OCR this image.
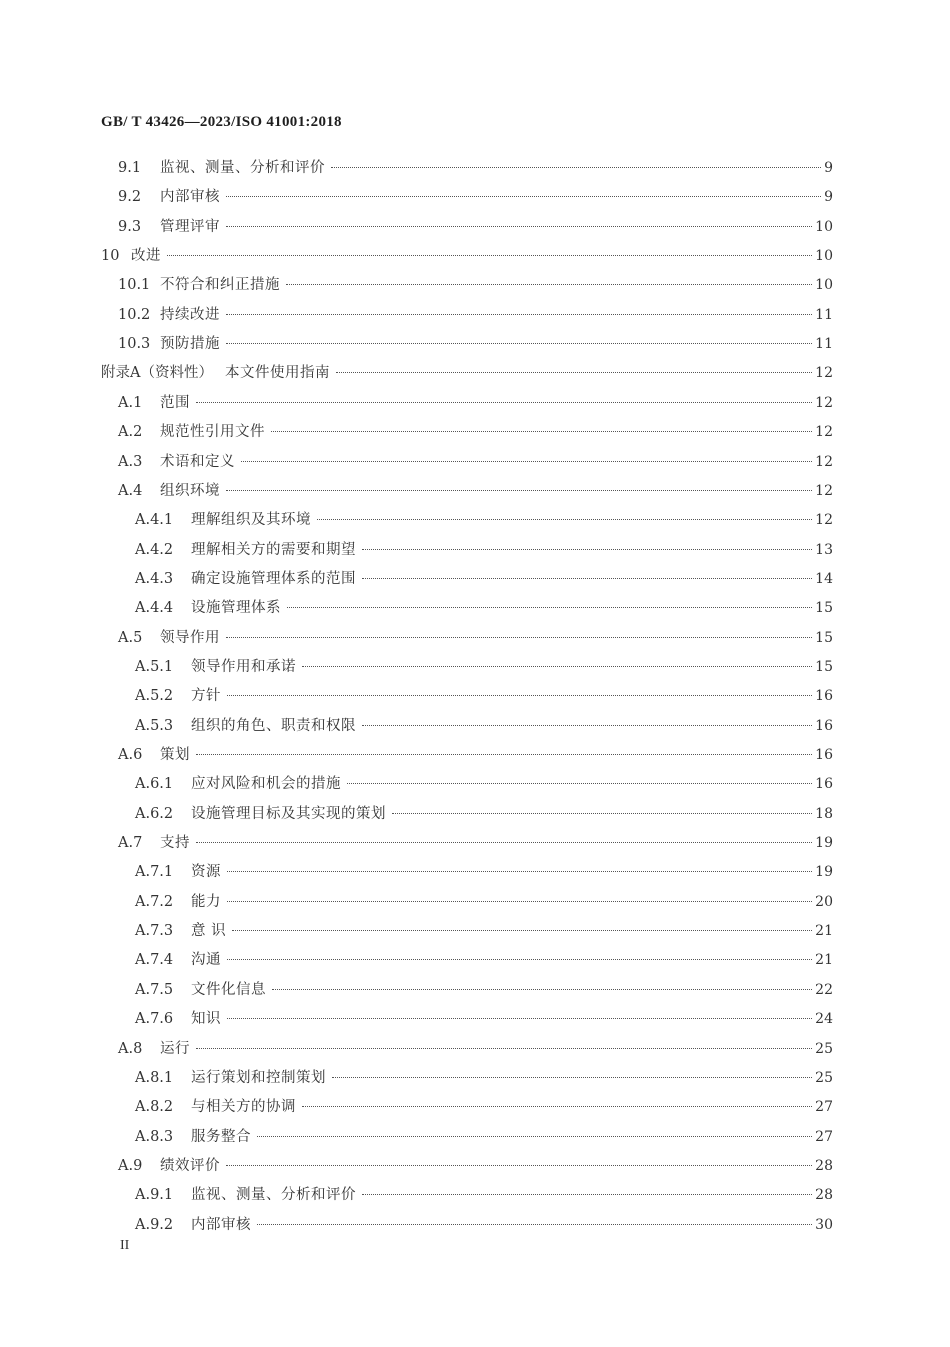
GB/ T 43426—2023/ISO 41001:2018
9.1	监视、测量、分析和评价	9
9.2	内部审核	9
9.3	管理评审	10
10 改进	10
10.1 不符合和纠正措施	10
10.2 持续改进	11
10.3 预防措施	11
附录A（资料性） 本文件使用指南	12
A.1	范围	12
A.2	规范性引用文件	12
A.3	术语和定义	12
A.4	组织环境	12
A.4.1	理解组织及其环境	12
A.4.2	理解相关方的需要和期望	13
A.4.3	确定设施管理体系的范围	14
A.4.4	设施管理体系	15
A.5	领导作用	15
A.5.1	领导作用和承诺	15
A.5.2	方针	16
A.5.3	组织的角色、职责和权限	16
A.6	策划	16
A.6.1	应对风险和机会的措施	16
A.6.2	设施管理目标及其实现的策划	18
A.7	支持	19
A.7.1	资源	19
A.7.2	能力	20
A.7.3	意 识	21
A.7.4	沟通	21
A.7.5	文件化信息	22
A.7.6	知识	24
A.8	运行	25
A.8.1	运行策划和控制策划	25
A.8.2	与相关方的协调	27
A.8.3	服务整合	27
A.9	绩效评价	28
A.9.1	监视、测量、分析和评价	28
A.9.2	内部审核	30
II
